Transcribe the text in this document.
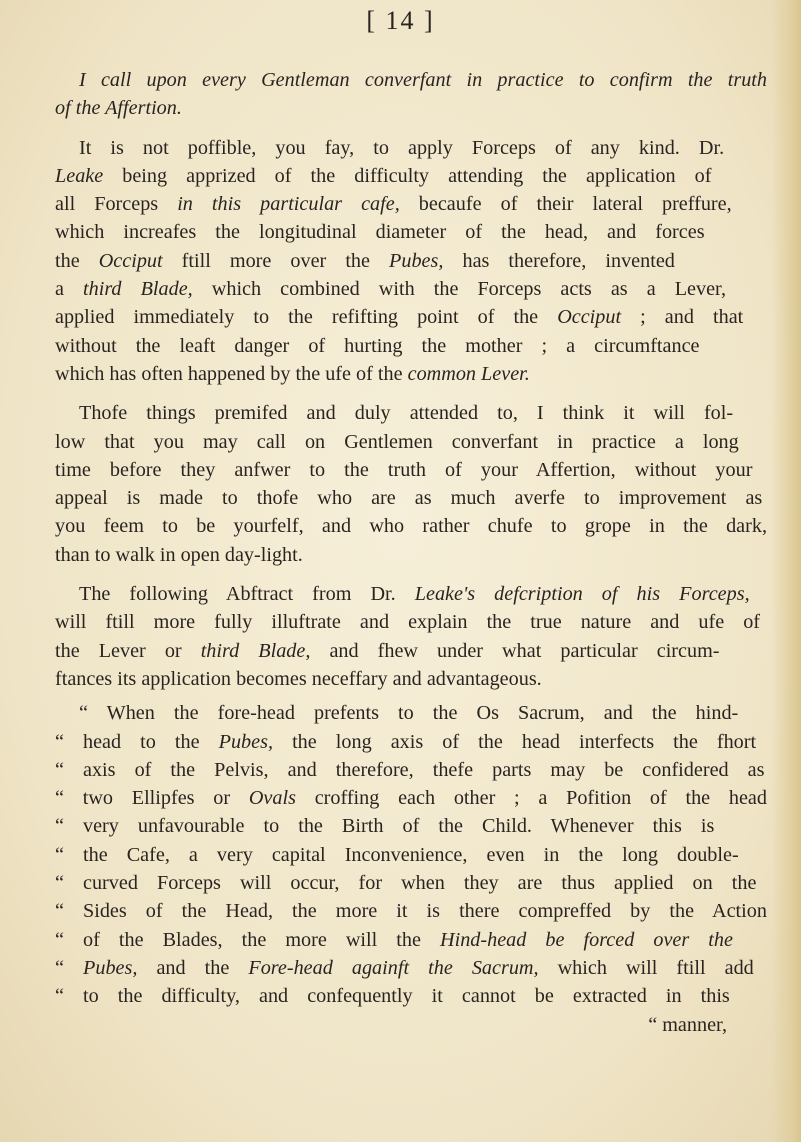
[ 14 ]
I call upon every Gentleman converfant in practice to confirm the truth
of the Affertion.
It is not poffible, you fay, to apply Forceps of any kind. Dr.
Leake being apprized of the difficulty attending the application of
all Forceps in this particular cafe, becaufe of their lateral preffure,
which increafes the longitudinal diameter of the head, and forces
the Occiput ftill more over the Pubes, has therefore, invented
a third Blade, which combined with the Forceps acts as a Lever,
applied immediately to the refifting point of the Occiput ; and that
without the leaft danger of hurting the mother ; a circumftance
which has often happened by the ufe of the common Lever.
Thofe things premifed and duly attended to, I think it will fol-
low that you may call on Gentlemen converfant in practice a long
time before they anfwer to the truth of your Affertion, without your
appeal is made to thofe who are as much averfe to improvement as
you feem to be yourfelf, and who rather chufe to grope in the dark,
than to walk in open day-light.
The following Abftract from Dr. Leake's defcription of his Forceps,
will ftill more fully illuftrate and explain the true nature and ufe of
the Lever or third Blade, and fhew under what particular circum-
ftances its application becomes neceffary and advantageous.
“ When the fore-head prefents to the Os Sacrum, and the hind-
“ head to the Pubes, the long axis of the head interfects the fhort
“ axis of the Pelvis, and therefore, thefe parts may be confidered as
“ two Ellipfes or Ovals croffing each other ; a Pofition of the head
“ very unfavourable to the Birth of the Child. Whenever this is
“ the Cafe, a very capital Inconvenience, even in the long double-
“ curved Forceps will occur, for when they are thus applied on the
“ Sides of the Head, the more it is there compreffed by the Action
“ of the Blades, the more will the Hind-head be forced over the
“ Pubes, and the Fore-head againft the Sacrum, which will ftill add
“ to the difficulty, and confequently it cannot be extracted in this
“ manner,
